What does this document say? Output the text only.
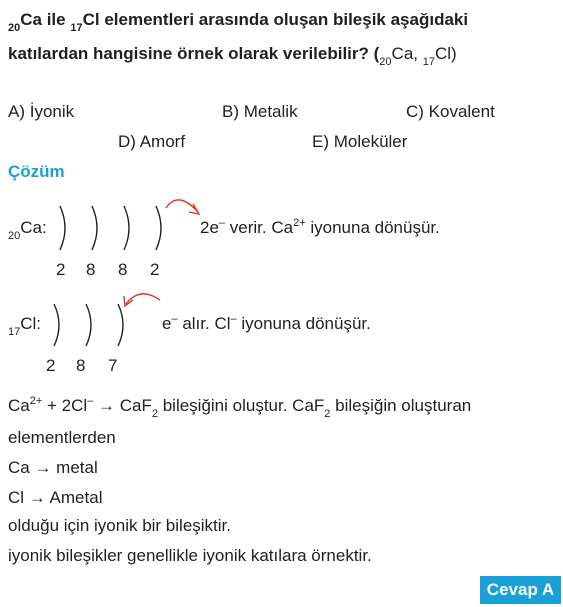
$_{20}$Ca ile $_{17}$Cl elementleri arasında oluşan bileşik aşağıdaki
katılardan hangisine örnek olarak verilebilir? ($_{20}Ca$, $_{17}$Cl)
A) İyonik	B) Metalik	C) Kovalent
D) Amorf	E) Moleküler
Çözüm
$_{20}$Ca:
2 8 8 2
2e– verir. $Ca^{2+}$ iyonuna dönüşür.
$_{17}$Cl:
2 8 7
e– alır. Cl– iyonuna dönüşür.
$Ca^{2+} + 2Cl^- \to CaF_2$ bileşiğini oluştur. CaF$_2$ bileşiğin oluşturan
elementlerden
Ca → metal
Cl → Ametal
olduğu için iyonik bir bileşiktir.
iyonik bileşikler genellikle iyonik katılara örnektir.
Cevap A
